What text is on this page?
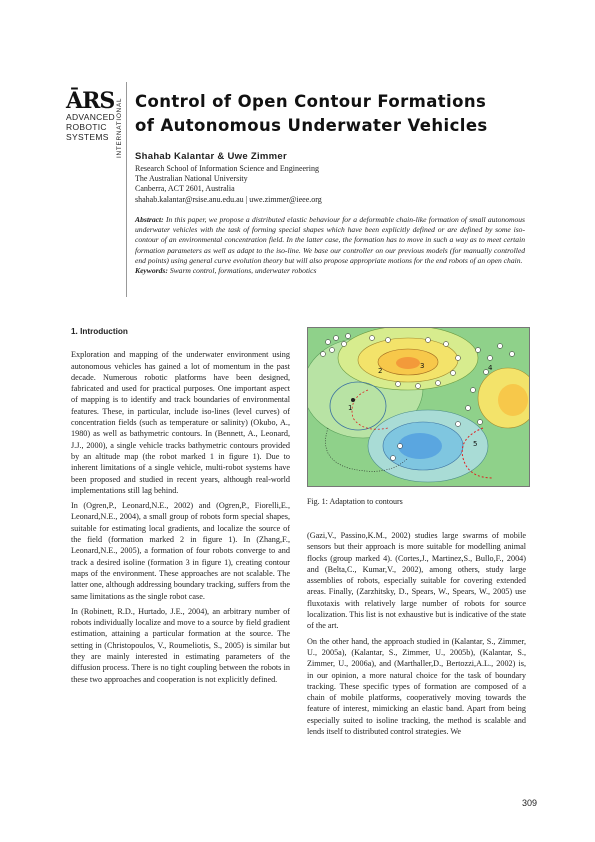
ĀRS
ADVANCED
ROBOTIC
SYSTEMS	INTERNATIONAL Control of Open Contour Formations
of Autonomous Underwater Vehicles
Shahab Kalantar & Uwe Zimmer
Research School of Information Science and Engineering
The Australian National University
Canberra, ACT 2601, Australia
shahab.kalantar@rsise.anu.edu.au | uwe.zimmer@ieee.org
Abstract: In this paper, we propose a distributed elastic behaviour for a deformable chain-like formation of small autonomous underwater vehicles with the task of forming special shapes which have been explicitly defined or are defined by some iso-contour of an environmental concentration field. In the latter case, the formation has to move in such a way as to meet certain formation parameters as well as adapt to the iso-line. We base our controller on our previous models (for manually controlled end points) using general curve evolution theory but will also propose appropriate motions for the end robots of an open chain.
Keywords: Swarm control, formations, underwater robotics
1. Introduction

Exploration and mapping of the underwater environment using autonomous vehicles has gained a lot of momentum in the past decade. Numerous robotic platforms have been designed, fabricated and used for practical purposes. One important aspect of mapping is to identify and track boundaries of environmental features. These, in particular, include iso-lines (level curves) of concentration fields (such as temperature or salinity) (Okubo, A., 1980) as well as bathymetric contours. In (Bennett, A., Leonard, J.J., 2000), a single vehicle tracks bathymetric contours provided by an altitude map (the robot marked 1 in figure 1). Due to inherent limitations of a single vehicle, multi-robot systems have been proposed and studied in recent years, although real-world implementations still lag behind.

In (Ogren,P., Leonard,N.E., 2002) and (Ogren,P., Fiorelli,E., Leonard,N.E., 2004), a small group of robots form special shapes, suitable for estimating local gradients, and localize the source of the field (formation marked 2 in figure 1). In (Zhang,F., Leonard,N.E., 2005), a formation of four robots converge to and track a desired isoline (formation 3 in figure 1), creating contour maps of the environment. These approaches are not scalable. The latter one, although addressing boundary tracking, suffers from the same limitations as the single robot case.

In (Robinett, R.D., Hurtado, J.E., 2004), an arbitrary number of robots individually localize and move to a source by field gradient estimation, attaining a particular formation at the source. The setting in (Christopoulos, V., Roumeliotis, S., 2005) is similar but they are mainly interested in estimating parameters of the diffusion process. There is no tight coupling between the robots in these two approaches and cooperation is not explicitly defined.

1
2
3	4
5
Fig. 1: Adaptation to contours

(Gazi,V., Passino,K.M., 2002) studies large swarms of mobile sensors but their approach is more suitable for modelling animal flocks (group marked 4). (Cortes,J., Martinez,S., Bullo,F., 2004) and (Belta,C., Kumar,V., 2002), among others, study large assemblies of robots, especially suitable for covering extended areas. Finally, (Zarzhitsky, D., Spears, W., Spears, W., 2005) use fluxotaxis with relatively large number of robots for source localization. This list is not exhaustive but is indicative of the state of the art.

On the other hand, the approach studied in (Kalantar, S., Zimmer, U., 2005a), (Kalantar, S., Zimmer, U., 2005b), (Kalantar, S., Zimmer, U., 2006a), and (Marthaller,D., Bertozzi,A.L., 2002) is, in our opinion, a more natural choice for the task of boundary tracking. These specific types of formation are composed of a chain of mobile platforms, cooperatively moving towards the feature of interest, mimicking an elastic band. Apart from being especially suited to isoline tracking, the method is scalable and lends itself to distributed control strategies. We

309
